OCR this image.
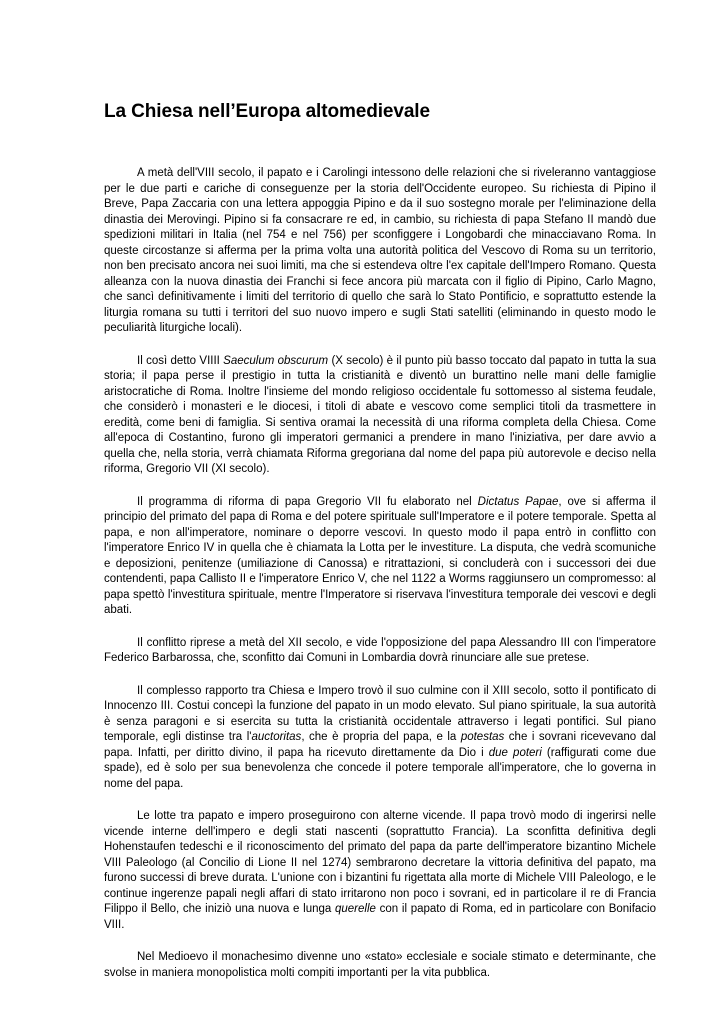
La Chiesa nell’Europa altomedievale

A metà dell'VIII secolo, il papato e i Carolingi intessono delle relazioni che si riveleranno vantaggiose per le due parti e cariche di conseguenze per la storia dell'Occidente europeo. Su richiesta di Pipino il Breve, Papa Zaccaria con una lettera appoggia Pipino e da il suo sostegno morale per l'eliminazione della dinastia dei Merovingi. Pipino si fa consacrare re ed, in cambio, su richiesta di papa Stefano II mandò due spedizioni militari in Italia (nel 754 e nel 756) per sconfiggere i Longobardi che minacciavano Roma. In queste circostanze si afferma per la prima volta una autorità politica del Vescovo di Roma su un territorio, non ben precisato ancora nei suoi limiti, ma che si estendeva oltre l'ex capitale dell'Impero Romano. Questa alleanza con la nuova dinastia dei Franchi si fece ancora più marcata con il figlio di Pipino, Carlo Magno, che sancì definitivamente i limiti del territorio di quello che sarà lo Stato Pontificio, e soprattutto estende la liturgia romana su tutti i territori del suo nuovo impero e sugli Stati satelliti (eliminando in questo modo le peculiarità liturgiche locali).

Il così detto VIIII Saeculum obscurum (X secolo) è il punto più basso toccato dal papato in tutta la sua storia; il papa perse il prestigio in tutta la cristianità e diventò un burattino nelle mani delle famiglie aristocratiche di Roma. Inoltre l'insieme del mondo religioso occidentale fu sottomesso al sistema feudale, che considerò i monasteri e le diocesi, i titoli di abate e vescovo come semplici titoli da trasmettere in eredità, come beni di famiglia. Si sentiva oramai la necessità di una riforma completa della Chiesa. Come all'epoca di Costantino, furono gli imperatori germanici a prendere in mano l'iniziativa, per dare avvio a quella che, nella storia, verrà chiamata Riforma gregoriana dal nome del papa più autorevole e deciso nella riforma, Gregorio VII (XI secolo).

Il programma di riforma di papa Gregorio VII fu elaborato nel Dictatus Papae, ove si afferma il principio del primato del papa di Roma e del potere spirituale sull'Imperatore e il potere temporale. Spetta al papa, e non all'imperatore, nominare o deporre vescovi. In questo modo il papa entrò in conflitto con l'imperatore Enrico IV in quella che è chiamata la Lotta per le investiture. La disputa, che vedrà scomuniche e deposizioni, penitenze (umiliazione di Canossa) e ritrattazioni, si concluderà con i successori dei due contendenti, papa Callisto II e l'imperatore Enrico V, che nel 1122 a Worms raggiunsero un compromesso: al papa spettò l'investitura spirituale, mentre l'Imperatore si riservava l'investitura temporale dei vescovi e degli abati.

Il conflitto riprese a metà del XII secolo, e vide l'opposizione del papa Alessandro III con l'imperatore Federico Barbarossa, che, sconfitto dai Comuni in Lombardia dovrà rinunciare alle sue pretese.

Il complesso rapporto tra Chiesa e Impero trovò il suo culmine con il XIII secolo, sotto il pontificato di Innocenzo III. Costui concepì la funzione del papato in un modo elevato. Sul piano spirituale, la sua autorità è senza paragoni e si esercita su tutta la cristianità occidentale attraverso i legati pontifici. Sul piano temporale, egli distinse tra l'auctoritas, che è propria del papa, e la potestas che i sovrani ricevevano dal papa. Infatti, per diritto divino, il papa ha ricevuto direttamente da Dio i due poteri (raffigurati come due spade), ed è solo per sua benevolenza che concede il potere temporale all'imperatore, che lo governa in nome del papa.

Le lotte tra papato e impero proseguirono con alterne vicende. Il papa trovò modo di ingerirsi nelle vicende interne dell'impero e degli stati nascenti (soprattutto Francia). La sconfitta definitiva degli Hohenstaufen tedeschi e il riconoscimento del primato del papa da parte dell'imperatore bizantino Michele VIII Paleologo (al Concilio di Lione II nel 1274) sembrarono decretare la vittoria definitiva del papato, ma furono successi di breve durata. L'unione con i bizantini fu rigettata alla morte di Michele VIII Paleologo, e le continue ingerenze papali negli affari di stato irritarono non poco i sovrani, ed in particolare il re di Francia Filippo il Bello, che iniziò una nuova e lunga querelle con il papato di Roma, ed in particolare con Bonifacio VIII.

Nel Medioevo il monachesimo divenne uno «stato» ecclesiale e sociale stimato e determinante, che svolse in maniera monopolistica molti compiti importanti per la vita pubblica.
